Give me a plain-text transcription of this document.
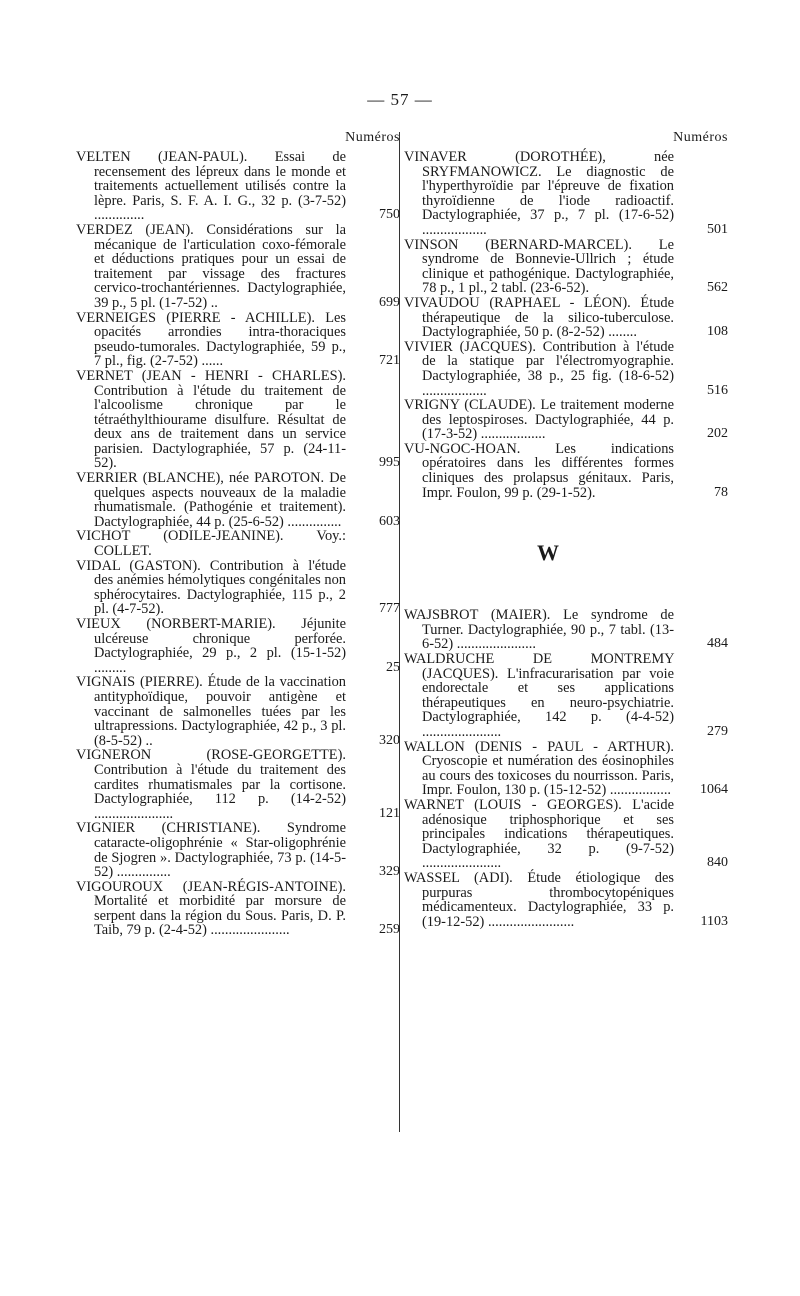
— 57 —
Numéros
VELTEN (JEAN-PAUL). Essai de recensement des lépreux dans le monde et traitements actuellement utilisés contre la lèpre. Paris, S. F. A. I. G., 32 p. (3-7-52) ..............	750
VERDEZ (JEAN). Considérations sur la mécanique de l'articulation coxo-fémorale et déductions pratiques pour un essai de traitement par vissage des fractures cervico-trochantériennes. Dactylographiée, 39 p., 5 pl. (1-7-52) ..	699
VERNEIGES (PIERRE - ACHILLE). Les opacités arrondies intra-thoraciques pseudo-tumorales. Dactylographiée, 59 p., 7 pl., fig. (2-7-52) ......	721
VERNET (JEAN - HENRI - CHARLES). Contribution à l'étude du traitement de l'alcoolisme chronique par le tétraéthylthiourame disulfure. Résultat de deux ans de traitement dans un service parisien. Dactylographiée, 57 p. (24-11-52).	995
VERRIER (BLANCHE), née PAROTON. De quelques aspects nouveaux de la maladie rhumatismale. (Pathogénie et traitement). Dactylographiée, 44 p. (25-6-52) ...............	603
VICHOT (ODILE-JEANINE). Voy.: COLLET.
VIDAL (GASTON). Contribution à l'étude des anémies hémolytiques congénitales non sphérocytaires. Dactylographiée, 115 p., 2 pl. (4-7-52).	777
VIEUX (NORBERT-MARIE). Jéjunite ulcéreuse chronique perforée. Dactylographiée, 29 p., 2 pl. (15-1-52) .........	25
VIGNAIS (PIERRE). Étude de la vaccination antityphoïdique, pouvoir antigène et vaccinant de salmonelles tuées par les ultrapressions. Dactylographiée, 42 p., 3 pl. (8-5-52) ..	320
VIGNERON	(ROSE-GEORGETTE). Contribution à l'étude du traitement des cardites rhumatismales par la cortisone. Dactylographiée, 112 p. (14-2-52) ......................	121
VIGNIER (CHRISTIANE). Syndrome cataracte-oligophrénie « Star-oligophrénie de Sjogren ». Dactylographiée, 73 p. (14-5-52) ...............	329
VIGOUROUX (JEAN-RÉGIS-ANTOINE). Mortalité et morbidité par morsure de serpent dans la région du Sous. Paris, D. P. Taib, 79 p. (2-4-52) ......................	259
Numéros
VINAVER	(DOROTHÉE),	née SRYFMANOWICZ. Le diagnostic de l'hyperthyroïdie par l'épreuve de fixation thyroïdienne de l'iode radioactif. Dactylographiée, 37 p., 7 pl. (17-6-52) ..................	501
VINSON (BERNARD-MARCEL). Le syndrome de Bonnevie-Ullrich ; étude clinique et pathogénique. Dactylographiée, 78 p., 1 pl., 2 tabl. (23-6-52).	562
VIVAUDOU (RAPHAEL - LÉON). Étude thérapeutique de la silico-tuberculose. Dactylographiée, 50 p. (8-2-52) ........	108
VIVIER (JACQUES). Contribution à l'étude de la statique par l'électromyographie. Dactylographiée, 38 p., 25 fig. (18-6-52) ..................	516
VRIGNY (CLAUDE). Le traitement moderne des leptospiroses. Dactylographiée, 44 p. (17-3-52) ..................	202
VU-NGOC-HOAN. Les indications opératoires dans les différentes formes cliniques des prolapsus génitaux. Paris, Impr. Foulon, 99 p. (29-1-52).	78
W
WAJSBROT (MAIER). Le syndrome de Turner. Dactylographiée, 90 p., 7 tabl. (13-6-52) ......................	484
WALDRUCHE DE MONTREMY (JACQUES). L'infracurarisation par voie endorectale et ses applications thérapeutiques en neuro-psychiatrie. Dactylographiée, 142 p. (4-4-52) ......................	279
WALLON (DENIS - PAUL - ARTHUR). Cryoscopie et numération des éosinophiles au cours des toxicoses du nourrisson. Paris, Impr. Foulon, 130 p. (15-12-52) ................. 1064
WARNET (LOUIS - GEORGES). L'acide adénosique triphosphorique et ses principales indications thérapeutiques. Dactylographiée, 32 p. (9-7-52) ......................	840
WASSEL (ADI). Étude étiologique des purpuras thrombocytopéniques médicamenteux. Dactylographiée, 33 p. (19-12-52) ........................	1103
